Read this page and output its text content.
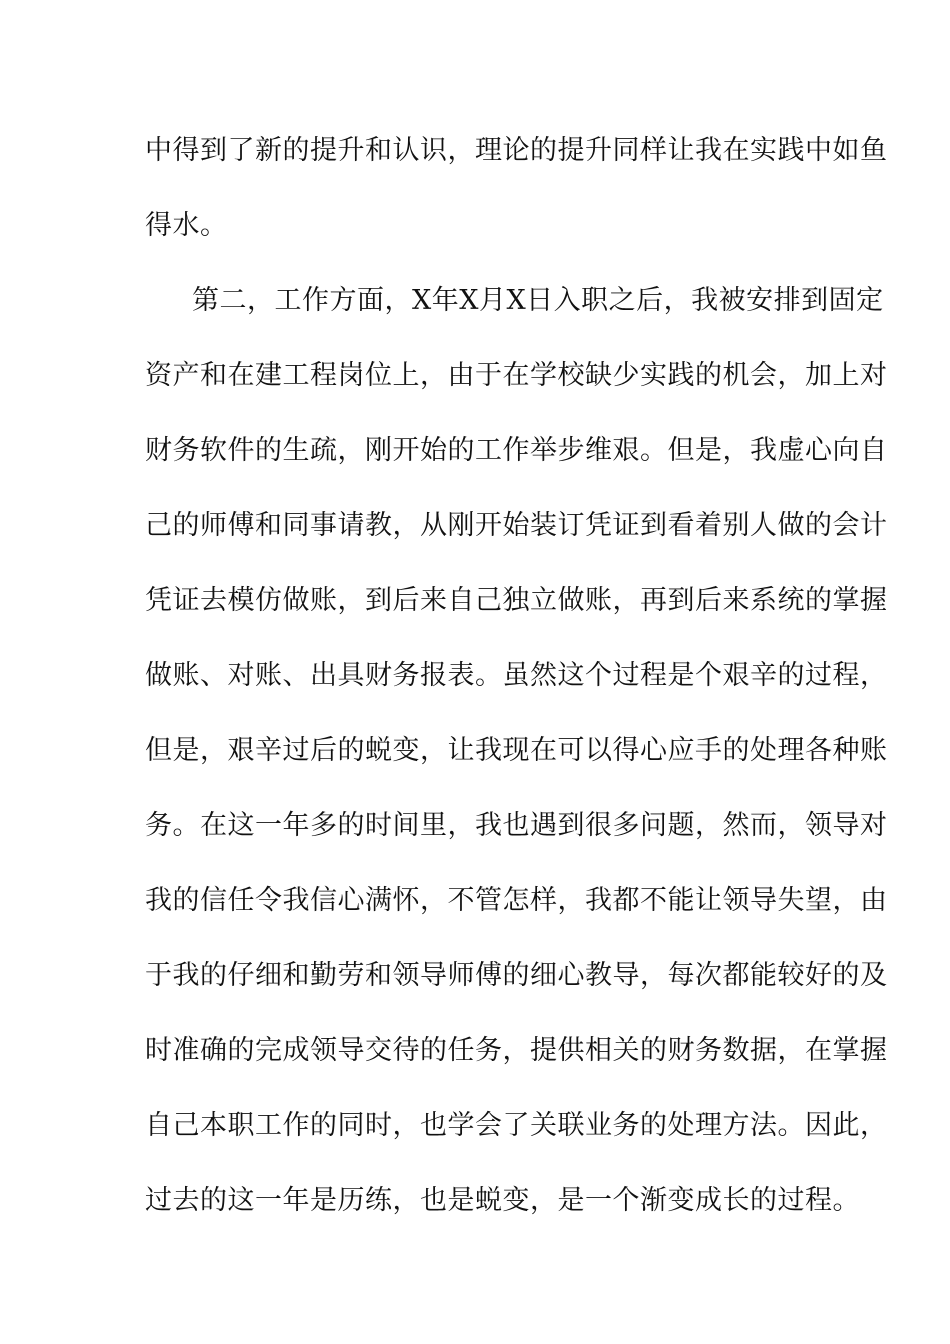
中得到了新的提升和认识，理论的提升同样让我在实践中如鱼
得水。
第二，工作方面，X年X月X日入职之后，我被安排到固定
资产和在建工程岗位上，由于在学校缺少实践的机会，加上对
财务软件的生疏，刚开始的工作举步维艰。但是，我虚心向自
己的师傅和同事请教，从刚开始装订凭证到看着别人做的会计
凭证去模仿做账，到后来自己独立做账，再到后来系统的掌握
做账、对账、出具财务报表。虽然这个过程是个艰辛的过程，
但是，艰辛过后的蜕变，让我现在可以得心应手的处理各种账
务。在这一年多的时间里，我也遇到很多问题，然而，领导对
我的信任令我信心满怀，不管怎样，我都不能让领导失望，由
于我的仔细和勤劳和领导师傅的细心教导，每次都能较好的及
时准确的完成领导交待的任务，提供相关的财务数据，在掌握
自己本职工作的同时，也学会了关联业务的处理方法。因此，
过去的这一年是历练，也是蜕变，是一个渐变成长的过程。
